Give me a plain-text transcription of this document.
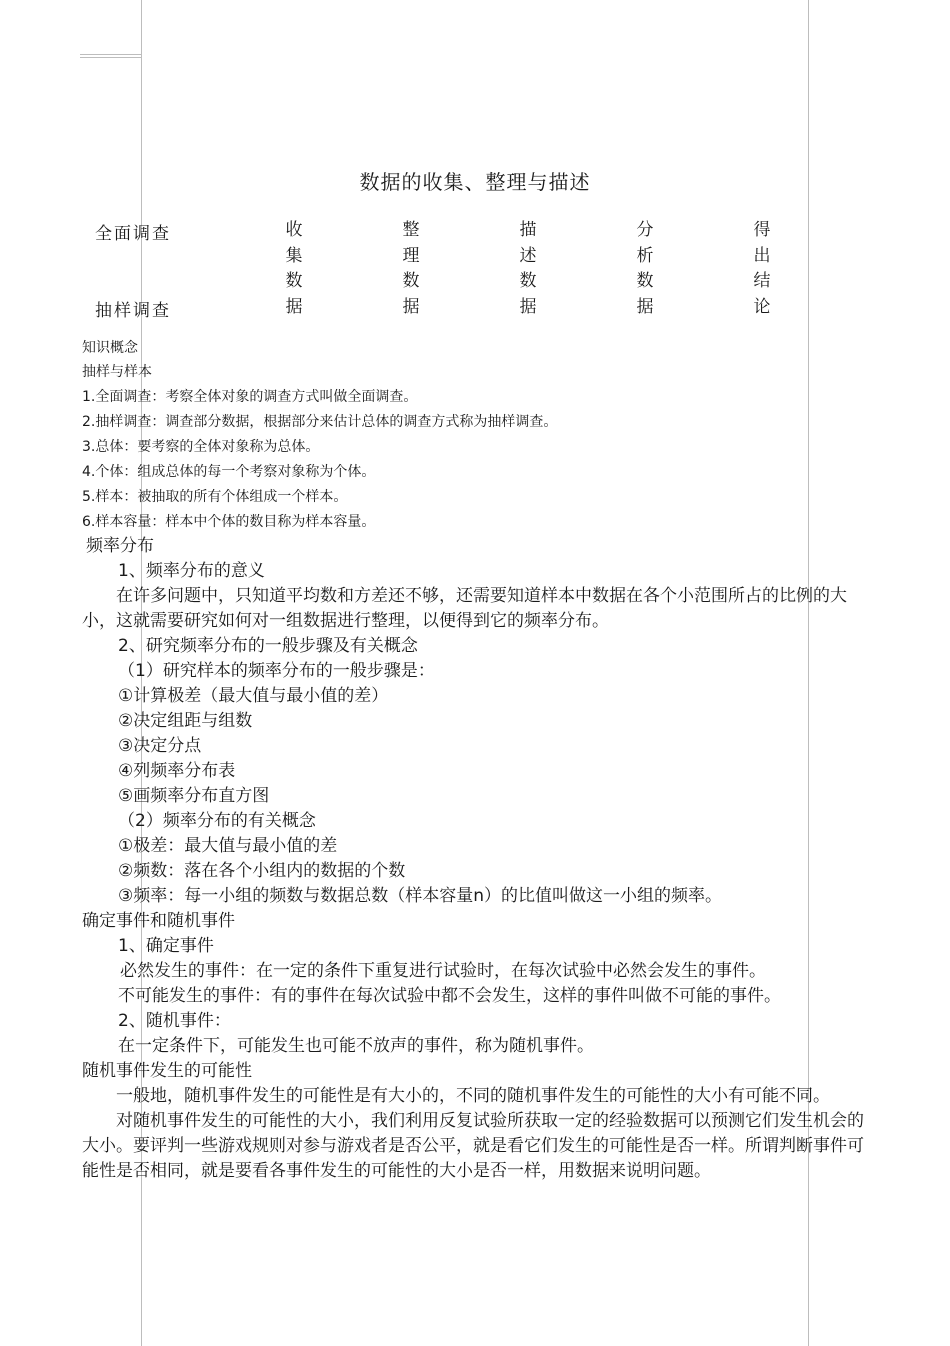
数据的收集、整理与描述
全面调查
抽样调查
收
集
数
据
整
理
数
据
描
述
数
据
分
析
数
据
得
出
结
论
知识概念
抽样与样本
1.全面调查：考察全体对象的调查方式叫做全面调查。
2.抽样调查：调查部分数据，根据部分来估计总体的调查方式称为抽样调查。
3.总体：要考察的全体对象称为总体。
4.个体：组成总体的每一个考察对象称为个体。
5.样本：被抽取的所有个体组成一个样本。
6.样本容量：样本中个体的数目称为样本容量。

频率分布

1、频率分布的意义

在许多问题中，只知道平均数和方差还不够，还需要知道样本中数据在各个小范围所占的比例的大小，这就需要研究如何对一组数据进行整理，以便得到它的频率分布。

2、研究频率分布的一般步骤及有关概念

（1）研究样本的频率分布的一般步骤是：

①计算极差（最大值与最小值的差）

②决定组距与组数

③决定分点

④列频率分布表

⑤画频率分布直方图

（2）频率分布的有关概念

①极差：最大值与最小值的差

②频数：落在各个小组内的数据的个数

③频率：每一小组的频数与数据总数（样本容量n）的比值叫做这一小组的频率。

确定事件和随机事件

1、确定事件

必然发生的事件：在一定的条件下重复进行试验时，在每次试验中必然会发生的事件。

不可能发生的事件：有的事件在每次试验中都不会发生，这样的事件叫做不可能的事件。

2、随机事件：

在一定条件下，可能发生也可能不放声的事件，称为随机事件。

随机事件发生的可能性

一般地，随机事件发生的可能性是有大小的，不同的随机事件发生的可能性的大小有可能不同。

对随机事件发生的可能性的大小，我们利用反复试验所获取一定的经验数据可以预测它们发生机会的大小。要评判一些游戏规则对参与游戏者是否公平，就是看它们发生的可能性是否一样。所谓判断事件可能性是否相同，就是要看各事件发生的可能性的大小是否一样，用数据来说明问题。
